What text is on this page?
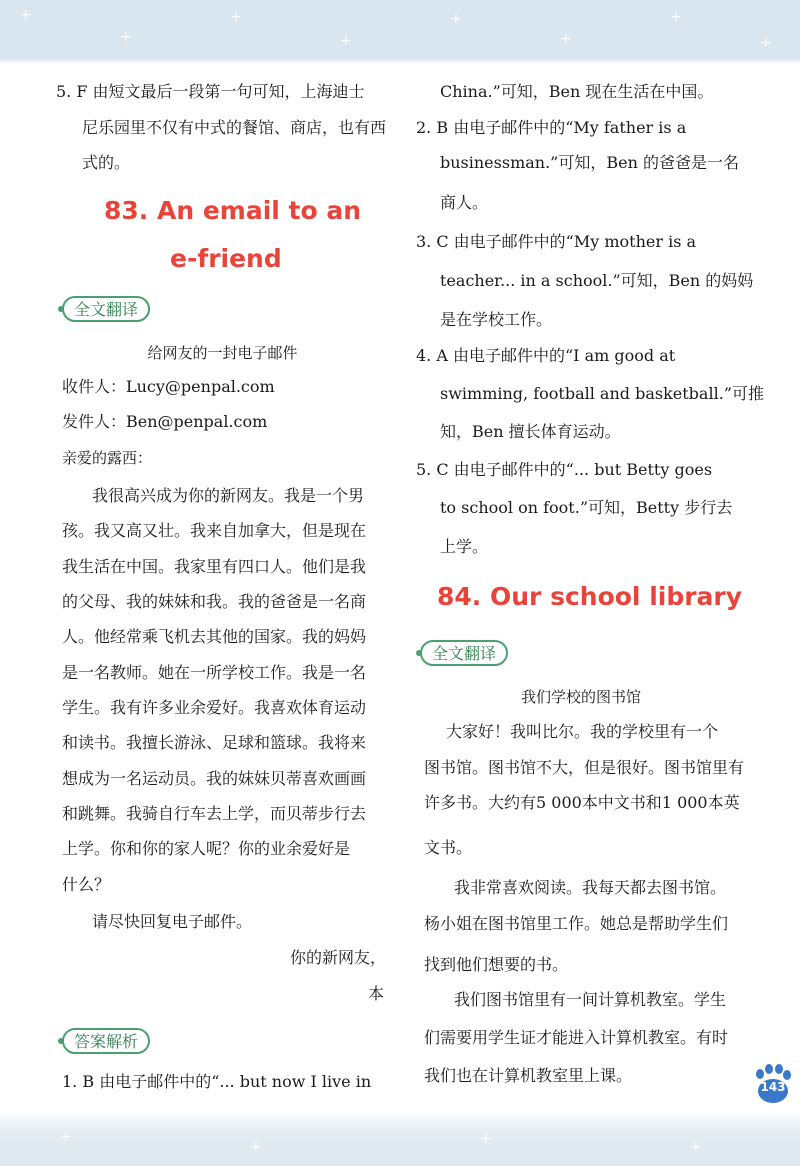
+
+
+
+
+
+
+
+
+
+	+	+
5. F 由短文最后一段第一句可知，上海迪士
尼乐园里不仅有中式的餐馆、商店，也有西
式的。
83. An email to an
e-friend
全文翻译
给网友的一封电子邮件
收件人：Lucy@penpal.com
发件人：Ben@penpal.com
亲爱的露西：
我很高兴成为你的新网友。我是一个男
孩。我又高又壮。我来自加拿大，但是现在
我生活在中国。我家里有四口人。他们是我
的父母、我的妹妹和我。我的爸爸是一名商
人。他经常乘飞机去其他的国家。我的妈妈
是一名教师。她在一所学校工作。我是一名
学生。我有许多业余爱好。我喜欢体育运动
和读书。我擅长游泳、足球和篮球。我将来
想成为一名运动员。我的妹妹贝蒂喜欢画画
和跳舞。我骑自行车去上学，而贝蒂步行去
上学。你和你的家人呢？你的业余爱好是
什么？
请尽快回复电子邮件。
你的新网友，
本
答案解析
1. B 由电子邮件中的“... but now I live in
China.”可知，Ben 现在生活在中国。
2. B 由电子邮件中的“My father is a
businessman.”可知，Ben 的爸爸是一名
商人。
3. C 由电子邮件中的“My mother is a
teacher... in a school.”可知，Ben 的妈妈
是在学校工作。
4. A 由电子邮件中的“I am good at
swimming, football and basketball.”可推
知，Ben 擅长体育运动。
5. C 由电子邮件中的“... but Betty goes
to school on foot.”可知，Betty 步行去
上学。
84. Our school library
全文翻译
我们学校的图书馆
大家好！我叫比尔。我的学校里有一个
图书馆。图书馆不大，但是很好。图书馆里有
许多书。大约有5 000本中文书和1 000本英
文书。
我非常喜欢阅读。我每天都去图书馆。
杨小姐在图书馆里工作。她总是帮助学生们
找到他们想要的书。
我们图书馆里有一间计算机教室。学生
们需要用学生证才能进入计算机教室。有时
我们也在计算机教室里上课。
143
